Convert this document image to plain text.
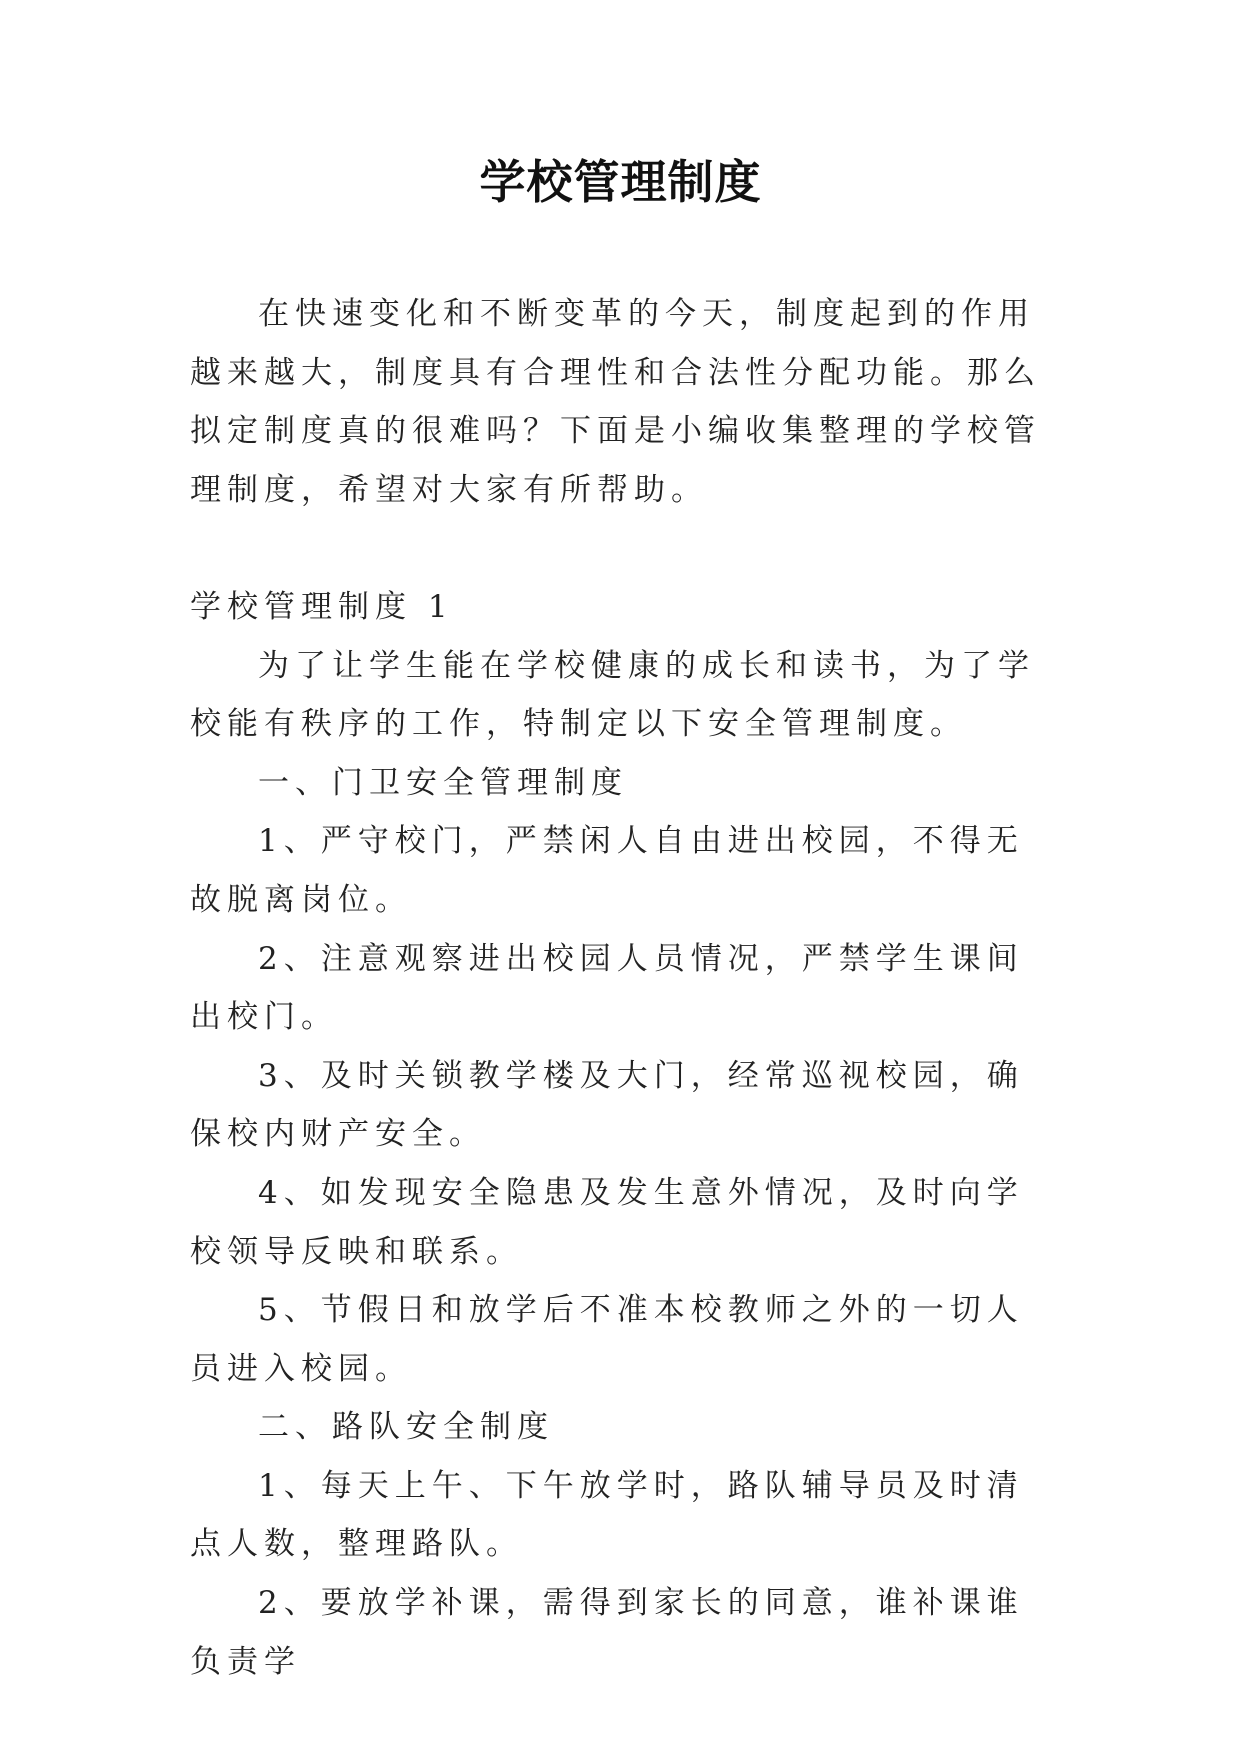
学校管理制度

在快速变化和不断变革的今天，制度起到的作用越来越大，制度具有合理性和合法性分配功能。那么拟定制度真的很难吗？下面是小编收集整理的学校管理制度，希望对大家有所帮助。

学校管理制度 1

为了让学生能在学校健康的成长和读书，为了学校能有秩序的工作，特制定以下安全管理制度。

一、门卫安全管理制度

1、严守校门，严禁闲人自由进出校园，不得无故脱离岗位。

2、注意观察进出校园人员情况，严禁学生课间出校门。

3、及时关锁教学楼及大门，经常巡视校园，确保校内财产安全。

4、如发现安全隐患及发生意外情况，及时向学校领导反映和联系。

5、节假日和放学后不准本校教师之外的一切人员进入校园。

二、路队安全制度

1、每天上午、下午放学时，路队辅导员及时清点人数，整理路队。

2、要放学补课，需得到家长的同意，谁补课谁负责学
